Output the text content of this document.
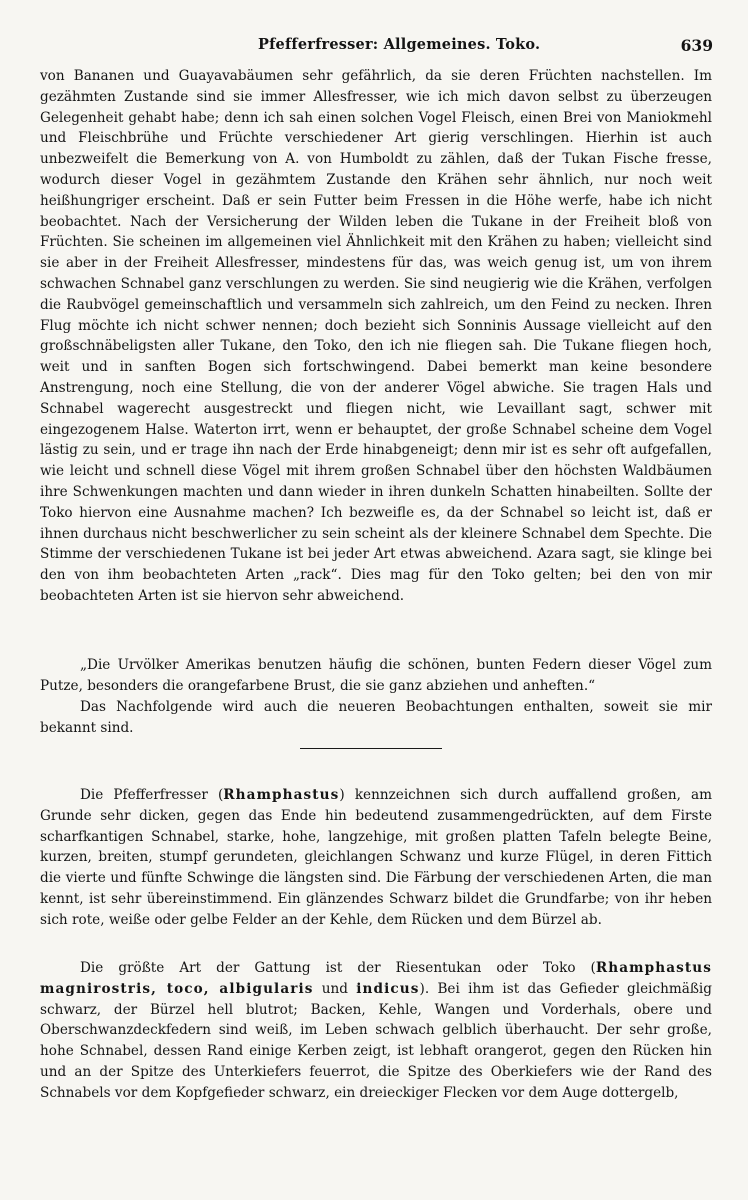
Pfefferfresser: Allgemeines. Toko.	639

von Bananen und Guayavabäumen sehr gefährlich, da sie deren Früchten nachstellen. Im gezähmten Zustande sind sie immer Allesfresser, wie ich mich davon selbst zu überzeugen Gelegenheit gehabt habe; denn ich sah einen solchen Vogel Fleisch, einen Brei von Maniokmehl und Fleischbrühe und Früchte verschiedener Art gierig verschlingen. Hierhin ist auch unbezweifelt die Bemerkung von A. von Humboldt zu zählen, daß der Tukan Fische fresse, wodurch dieser Vogel in gezähmtem Zustande den Krähen sehr ähnlich, nur noch weit heißhungriger erscheint. Daß er sein Futter beim Fressen in die Höhe werfe, habe ich nicht beobachtet. Nach der Versicherung der Wilden leben die Tukane in der Freiheit bloß von Früchten. Sie scheinen im allgemeinen viel Ähnlichkeit mit den Krähen zu haben; vielleicht sind sie aber in der Freiheit Allesfresser, mindestens für das, was weich genug ist, um von ihrem schwachen Schnabel ganz verschlungen zu werden. Sie sind neugierig wie die Krähen, verfolgen die Raubvögel gemeinschaftlich und versammeln sich zahlreich, um den Feind zu necken. Ihren Flug möchte ich nicht schwer nennen; doch bezieht sich Sonninis Aussage vielleicht auf den großschnäbeligsten aller Tukane, den Toko, den ich nie fliegen sah. Die Tukane fliegen hoch, weit und in sanften Bogen sich fortschwingend. Dabei bemerkt man keine besondere Anstrengung, noch eine Stellung, die von der anderer Vögel abwiche. Sie tragen Hals und Schnabel wagerecht ausgestreckt und fliegen nicht, wie Levaillant sagt, schwer mit eingezogenem Halse. Waterton irrt, wenn er behauptet, der große Schnabel scheine dem Vogel lästig zu sein, und er trage ihn nach der Erde hinabgeneigt; denn mir ist es sehr oft aufgefallen, wie leicht und schnell diese Vögel mit ihrem großen Schnabel über den höchsten Waldbäumen ihre Schwenkungen machten und dann wieder in ihren dunkeln Schatten hinabeilten. Sollte der Toko hiervon eine Ausnahme machen? Ich bezweifle es, da der Schnabel so leicht ist, daß er ihnen durchaus nicht beschwerlicher zu sein scheint als der kleinere Schnabel dem Spechte. Die Stimme der verschiedenen Tukane ist bei jeder Art etwas abweichend. Azara sagt, sie klinge bei den von ihm beobachteten Arten „rack“. Dies mag für den Toko gelten; bei den von mir beobachteten Arten ist sie hiervon sehr abweichend.

„Die Urvölker Amerikas benutzen häufig die schönen, bunten Federn dieser Vögel zum Putze, besonders die orangefarbene Brust, die sie ganz abziehen und anheften.“

Das Nachfolgende wird auch die neueren Beobachtungen enthalten, soweit sie mir bekannt sind.

Die Pfefferfresser (Rhamphastus) kennzeichnen sich durch auffallend großen, am Grunde sehr dicken, gegen das Ende hin bedeutend zusammengedrückten, auf dem Firste scharfkantigen Schnabel, starke, hohe, langzehige, mit großen platten Tafeln belegte Beine, kurzen, breiten, stumpf gerundeten, gleichlangen Schwanz und kurze Flügel, in deren Fittich die vierte und fünfte Schwinge die längsten sind. Die Färbung der verschiedenen Arten, die man kennt, ist sehr übereinstimmend. Ein glänzendes Schwarz bildet die Grundfarbe; von ihr heben sich rote, weiße oder gelbe Felder an der Kehle, dem Rücken und dem Bürzel ab.

Die größte Art der Gattung ist der Riesentukan oder Toko (Rhamphastus magnirostris, toco, albigularis und indicus). Bei ihm ist das Gefieder gleichmäßig schwarz, der Bürzel hell blutrot; Backen, Kehle, Wangen und Vorderhals, obere und Oberschwanzdeckfedern sind weiß, im Leben schwach gelblich überhaucht. Der sehr große, hohe Schnabel, dessen Rand einige Kerben zeigt, ist lebhaft orangerot, gegen den Rücken hin und an der Spitze des Unterkiefers feuerrot, die Spitze des Oberkiefers wie der Rand des Schnabels vor dem Kopfgefieder schwarz, ein dreieckiger Flecken vor dem Auge dottergelb,
